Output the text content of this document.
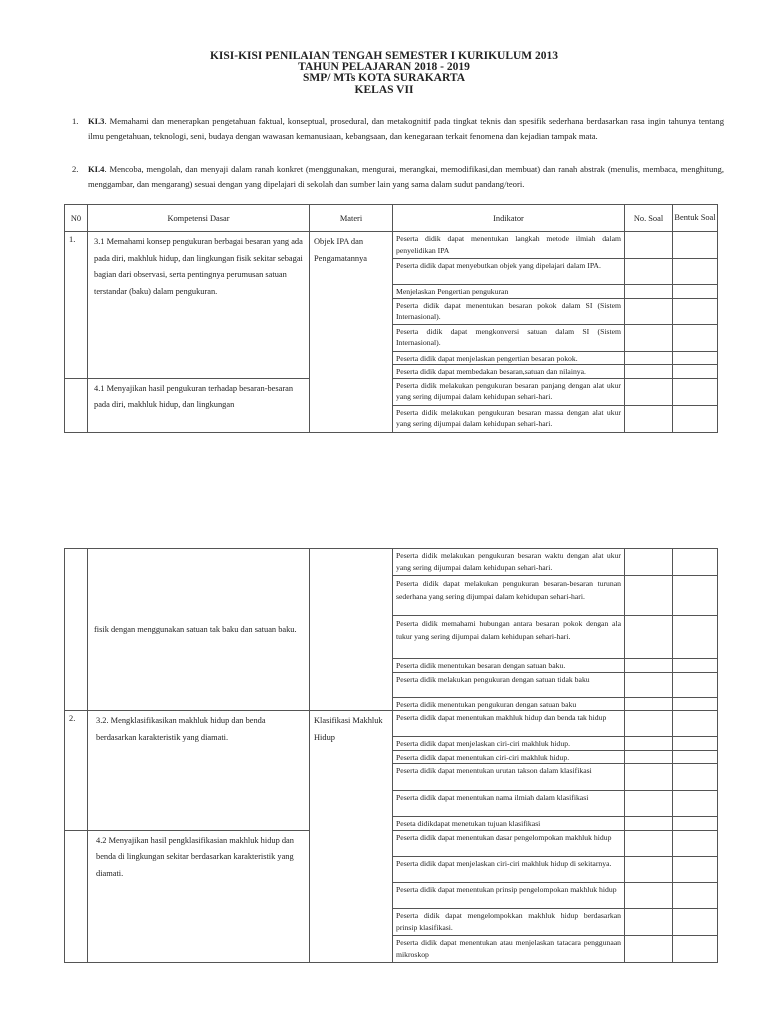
KISI-KISI PENILAIAN TENGAH SEMESTER I KURIKULUM 2013
TAHUN PELAJARAN 2018 - 2019
SMP/ MTs KOTA SURAKARTA
KELAS VII
1. KI.3. Memahami dan menerapkan pengetahuan faktual, konseptual, prosedural, dan metakognitif pada tingkat teknis dan spesifik sederhana berdasarkan rasa ingin tahunya tentang ilmu pengetahuan, teknologi, seni, budaya dengan wawasan kemanusiaan, kebangsaan, dan kenegaraan terkait fenomena dan kejadian tampak mata.
2. KI.4. Mencoba, mengolah, dan menyaji dalam ranah konkret (menggunakan, mengurai, merangkai, memodifikasi,dan membuat) dan ranah abstrak (menulis, membaca, menghitung, menggambar, dan mengarang) sesuai dengan yang dipelajari di sekolah dan sumber lain yang sama dalam sudut pandang/teori.
N0	Kompetensi Dasar	Materi	Indikator	No. Soal	Bentuk Soal
1.	3.1 Memahami konsep pengukuran berbagai besaran yang ada pada diri, makhluk hidup, dan lingkungan fisik sekitar sebagai bagian dari observasi, serta pentingnya perumusan satuan terstandar (baku) dalam pengukuran.	Objek IPA dan Pengamatannya	Peserta didik dapat menentukan langkah metode ilmiah dalam penyelidikan IPA		
			Peserta didik dapat menyebutkan objek yang dipelajari dalam IPA.		
			Menjelaskan Pengertian pengukuran		
			Peserta didik dapat menentukan besaran pokok dalam SI (Sistem Internasional).		
			Peserta didik dapat mengkonversi satuan dalam SI (Sistem Internasional).		
			Peserta didik dapat menjelaskan pengertian besaran pokok.		
			Peserta didik dapat membedakan besaran,satuan dan nilainya.		
	4.1 Menyajikan hasil pengukuran terhadap besaran-besaran pada diri, makhluk hidup, dan lingkungan		Peserta didik melakukan pengukuran besaran panjang dengan alat ukur yang sering dijumpai dalam kehidupan sehari-hari.		
			Peserta didik melakukan pengukuran besaran massa dengan alat ukur yang sering dijumpai dalam kehidupan sehari-hari.		
	fisik dengan menggunakan satuan tak baku dan satuan baku.		Peserta didik melakukan pengukuran besaran waktu dengan alat ukur yang sering dijumpai dalam kehidupan sehari-hari.		
			Peserta didik dapat melakukan pengukuran besaran-besaran turunan sederhana yang sering dijumpai dalam kehidupan sehari-hari.		
			Peserta didik memahami hubungan antara besaran pokok dengan ala tukur yang sering dijumpai dalam kehidupan sehari-hari.		
			Peserta didik menentukan besaran dengan satuan baku.		
			Peserta didik melakukan pengukuran dengan satuan tidak baku		
			Peserta didik menentukan pengukuran dengan satuan baku		
2.	3.2. Mengklasifikasikan makhluk hidup dan benda berdasarkan karakteristik yang diamati.	Klasifikasi Makhluk Hidup	Peserta didik dapat menentukan makhluk hidup dan benda tak hidup		
			Peserta didik dapat menjelaskan ciri-ciri makhluk hidup.		
			Peserta didik dapat menentukan ciri-ciri makhluk hidup.		
			Peserta didik dapat menentukan urutan takson dalam klasifikasi		
			Peserta didik dapat menentukan nama ilmiah dalam klasifikasi		
			Peseta didikdapat menetukan tujuan klasifikasi		
	4.2 Menyajikan hasil pengklasifikasian makhluk hidup dan benda di lingkungan sekitar berdasarkan karakteristik yang diamati.		Peserta didik dapat menentukan dasar pengelompokan makhluk hidup		
			Peserta didik dapat menjelaskan ciri-ciri makhluk hidup di sekitarnya.		
			Peserta didik dapat menentukan prinsip pengelompokan makhluk hidup		
			Peserta didik dapat mengelompokkan makhluk hidup berdasarkan prinsip klasifikasi.		
			Peserta didik dapat menentukan atau menjelaskan tatacara penggunaan mikroskop		
